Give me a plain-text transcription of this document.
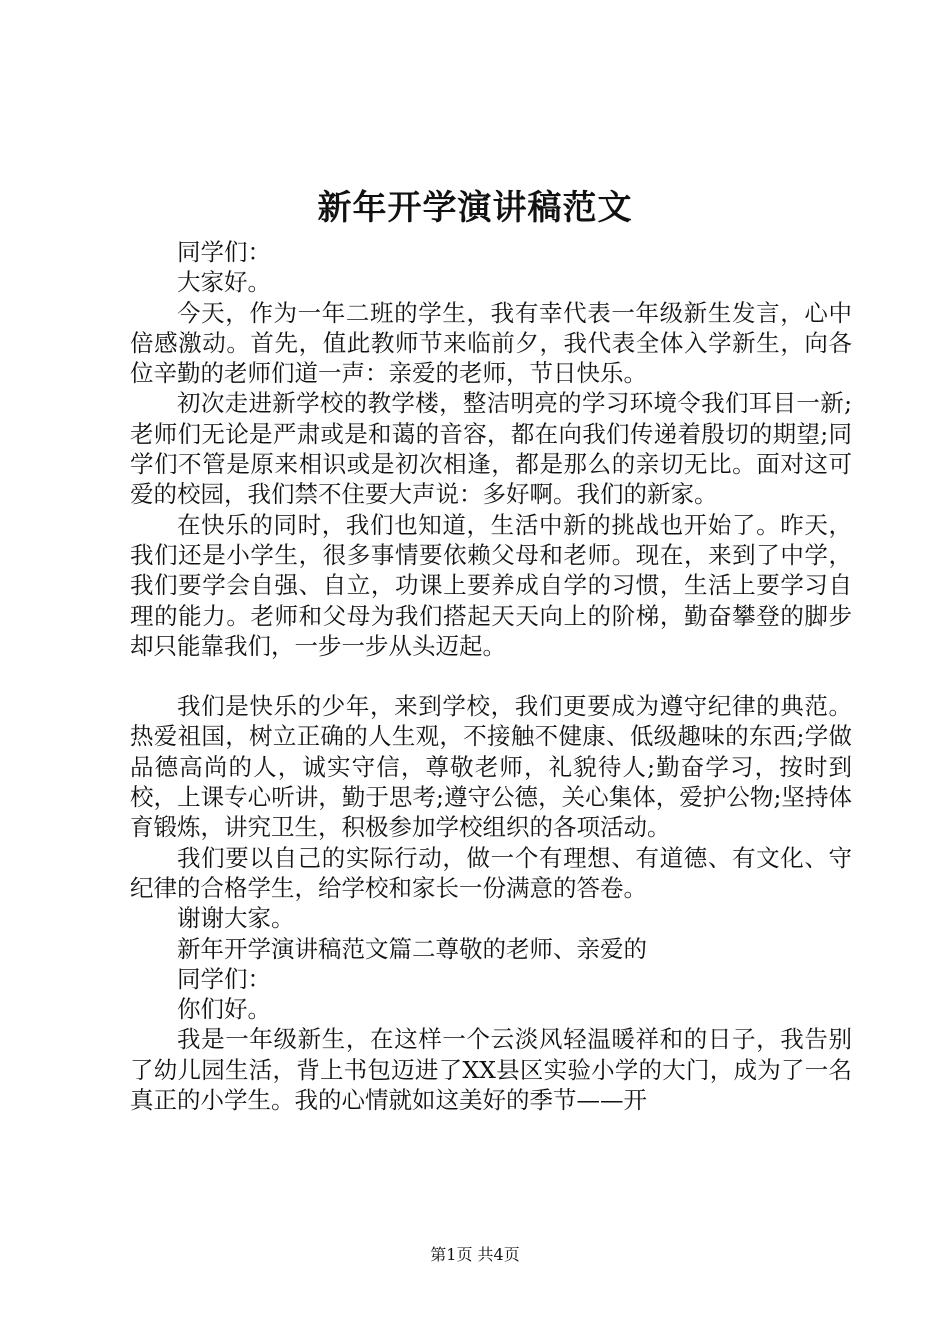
新年开学演讲稿范文

同学们：

大家好。

今天，作为一年二班的学生，我有幸代表一年级新生发言，心中倍感激动。首先，值此教师节来临前夕，我代表全体入学新生，向各位辛勤的老师们道一声：亲爱的老师，节日快乐。

初次走进新学校的教学楼，整洁明亮的学习环境令我们耳目一新;老师们无论是严肃或是和蔼的音容，都在向我们传递着殷切的期望;同学们不管是原来相识或是初次相逢，都是那么的亲切无比。面对这可爱的校园，我们禁不住要大声说：多好啊。我们的新家。

在快乐的同时，我们也知道，生活中新的挑战也开始了。昨天，我们还是小学生，很多事情要依赖父母和老师。现在，来到了中学，我们要学会自强、自立，功课上要养成自学的习惯，生活上要学习自理的能力。老师和父母为我们搭起天天向上的阶梯，勤奋攀登的脚步却只能靠我们，一步一步从头迈起。

我们是快乐的少年，来到学校，我们更要成为遵守纪律的典范。热爱祖国，树立正确的人生观，不接触不健康、低级趣味的东西;学做品德高尚的人，诚实守信，尊敬老师，礼貌待人;勤奋学习，按时到校，上课专心听讲，勤于思考;遵守公德，关心集体，爱护公物;坚持体育锻炼，讲究卫生，积极参加学校组织的各项活动。

我们要以自己的实际行动，做一个有理想、有道德、有文化、守纪律的合格学生，给学校和家长一份满意的答卷。

谢谢大家。

新年开学演讲稿范文篇二尊敬的老师、亲爱的

同学们：

你们好。

我是一年级新生，在这样一个云淡风轻温暖祥和的日子，我告别了幼儿园生活，背上书包迈进了XX县区实验小学的大门，成为了一名真正的小学生。我的心情就如这美好的季节——开

第1页 共4页
